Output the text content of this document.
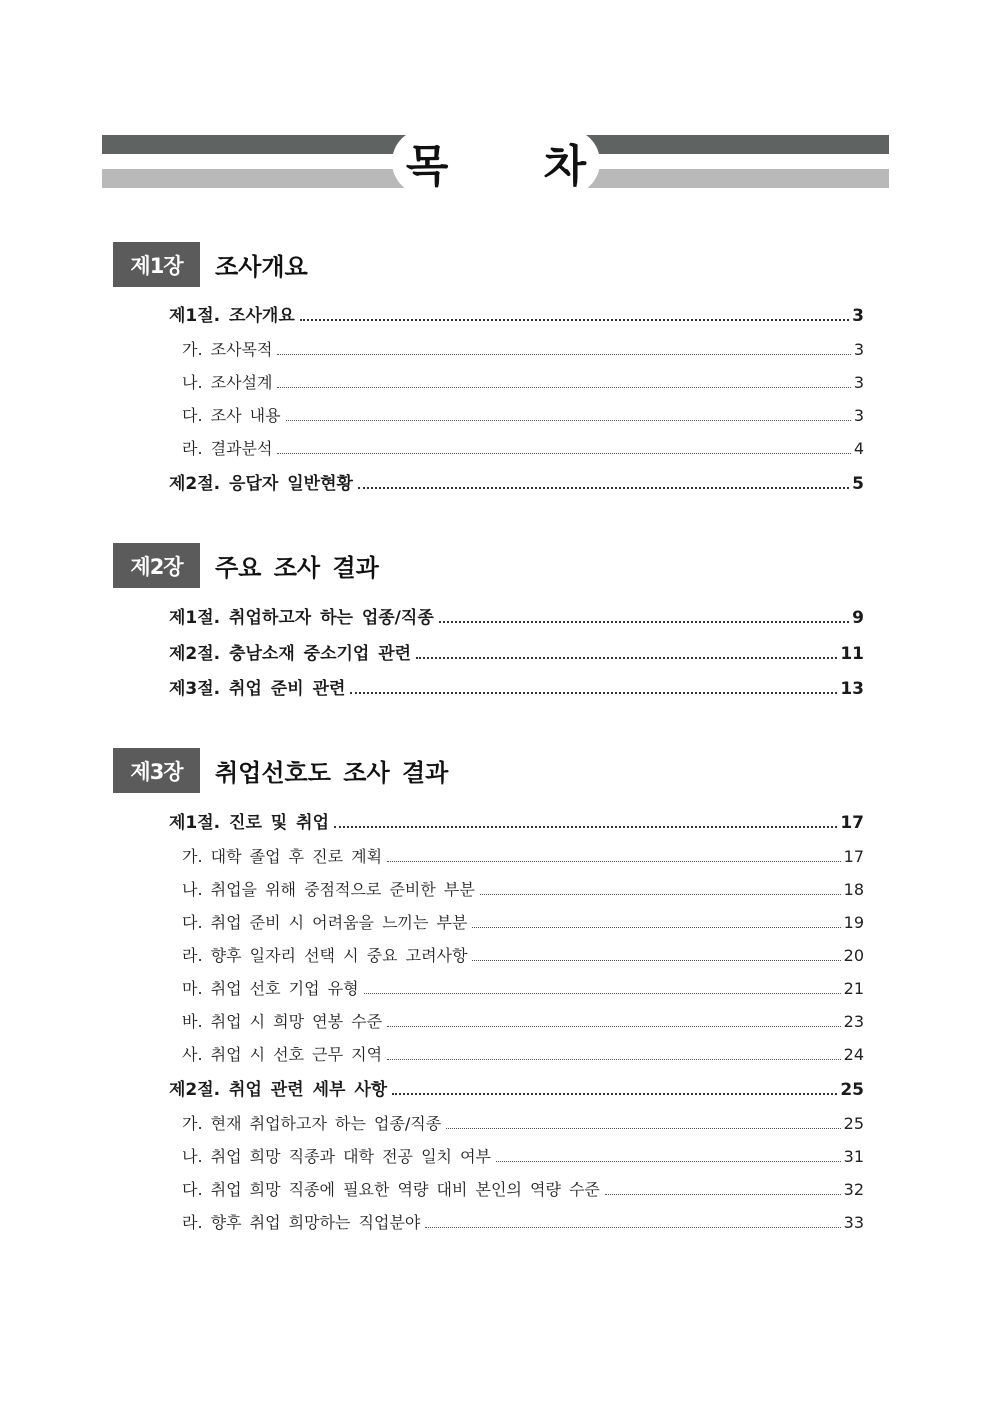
목 차
제1장	조사개요
제1절. 조사개요	3
가. 조사목적	3
나. 조사설계	3
다. 조사 내용	3
라. 결과분석	4
제2절. 응답자 일반현황	5
제2장	주요 조사 결과
제1절. 취업하고자 하는 업종/직종	9
제2절. 충남소재 중소기업 관련	11
제3절. 취업 준비 관련	13
제3장	취업선호도 조사 결과
제1절. 진로 및 취업	17
가. 대학 졸업 후 진로 계획	17
나. 취업을 위해 중점적으로 준비한 부분	18
다. 취업 준비 시 어려움을 느끼는 부분	19
라. 향후 일자리 선택 시 중요 고려사항	20
마. 취업 선호 기업 유형	21
바. 취업 시 희망 연봉 수준	23
사. 취업 시 선호 근무 지역	24
제2절. 취업 관련 세부 사항	25
가. 현재 취업하고자 하는 업종/직종	25
나. 취업 희망 직종과 대학 전공 일치 여부	31
다. 취업 희망 직종에 필요한 역량 대비 본인의 역량 수준	32
라. 향후 취업 희망하는 직업분야	33
